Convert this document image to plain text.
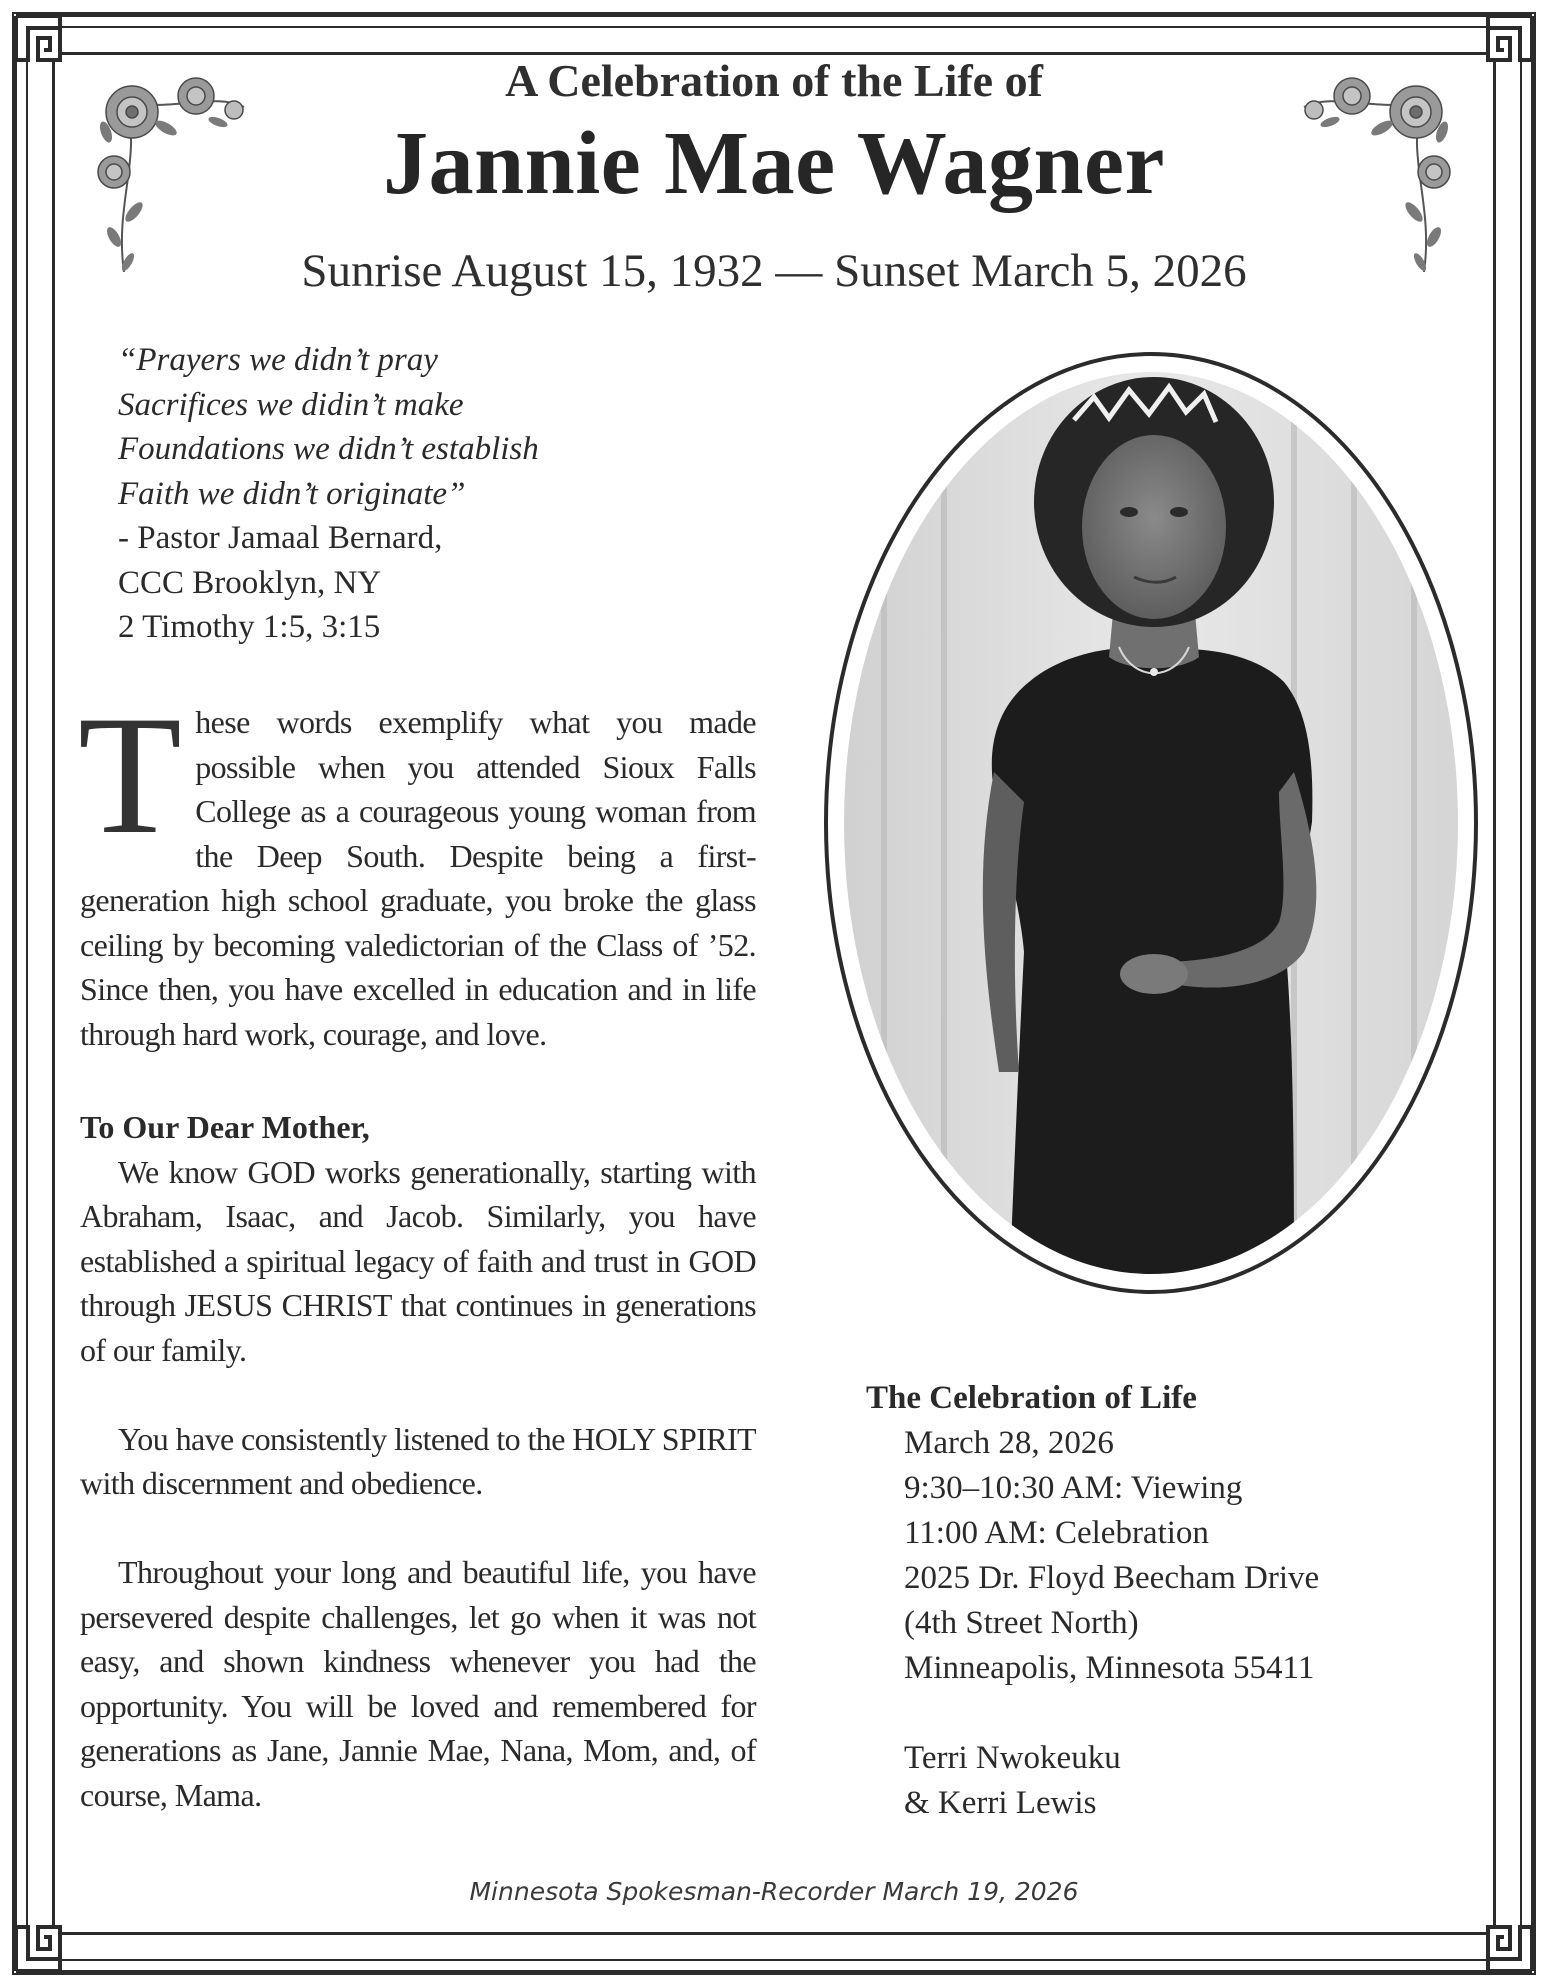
A Celebration of the Life of
Jannie Mae Wagner
Sunrise August 15, 1932 — Sunset March 5, 2026
“Prayers we didn’t pray
Sacrifices we didin’t make
Foundations we didn’t establish
Faith we didn’t originate”
- Pastor Jamaal Bernard,
CCC Brooklyn, NY
2 Timothy 1:5, 3:15
These words exemplify what you made possible when you attended Sioux Falls College as a courageous young woman from the Deep South. Despite being a first-generation high school graduate, you broke the glass ceiling by becoming valedictorian of the Class of ’52. Since then, you have excelled in education and in life through hard work, courage, and love.
To Our Dear Mother,

We know GOD works generationally, starting with Abraham, Isaac, and Jacob. Similarly, you have established a spiritual legacy of faith and trust in GOD through JESUS CHRIST that continues in generations of our family.

You have consistently listened to the HOLY SPIRIT with discernment and obedience.

Throughout your long and beautiful life, you have persevered despite challenges, let go when it was not easy, and shown kindness whenever you had the opportunity. You will be loved and remembered for generations as Jane, Jannie Mae, Nana, Mom, and, of course, Mama.

The Celebration of Life
March 28, 2026
9:30–10:30 AM: Viewing
11:00 AM: Celebration
2025 Dr. Floyd Beecham Drive
(4th Street North)
Minneapolis, Minnesota 55411
Terri Nwokeuku
& Kerri Lewis
Minnesota Spokesman-Recorder March 19, 2026
